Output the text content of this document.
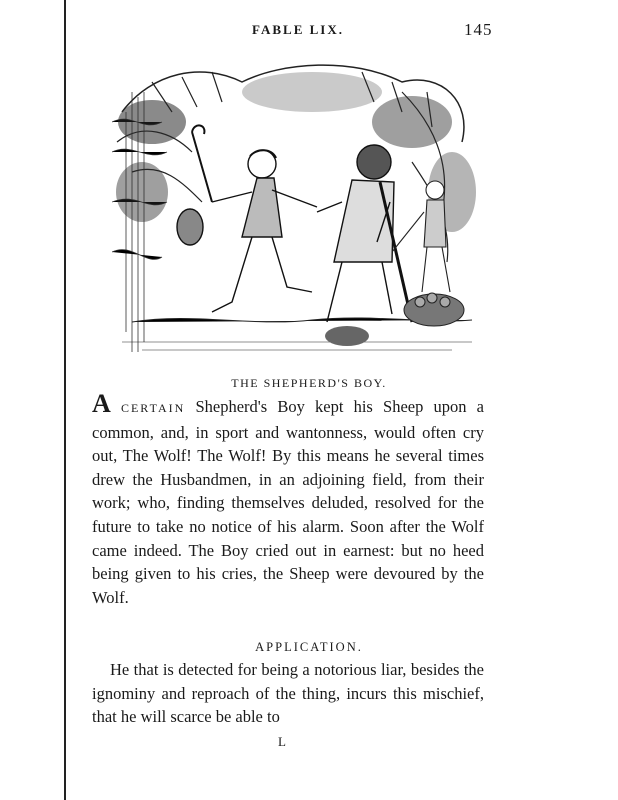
FABLE LIX.	145
THE SHEPHERD'S BOY.

A CERTAIN Shepherd's Boy kept his Sheep upon a common, and, in sport and wantonness, would often cry out, The Wolf! The Wolf! By this means he several times drew the Husbandmen, in an adjoining field, from their work; who, finding themselves deluded, resolved for the future to take no notice of his alarm. Soon after the Wolf came indeed. The Boy cried out in earnest: but no heed being given to his cries, the Sheep were devoured by the Wolf.

APPLICATION.

He that is detected for being a notorious liar, besides the ignominy and reproach of the thing, incurs this mischief, that he will scarce be able to

L
